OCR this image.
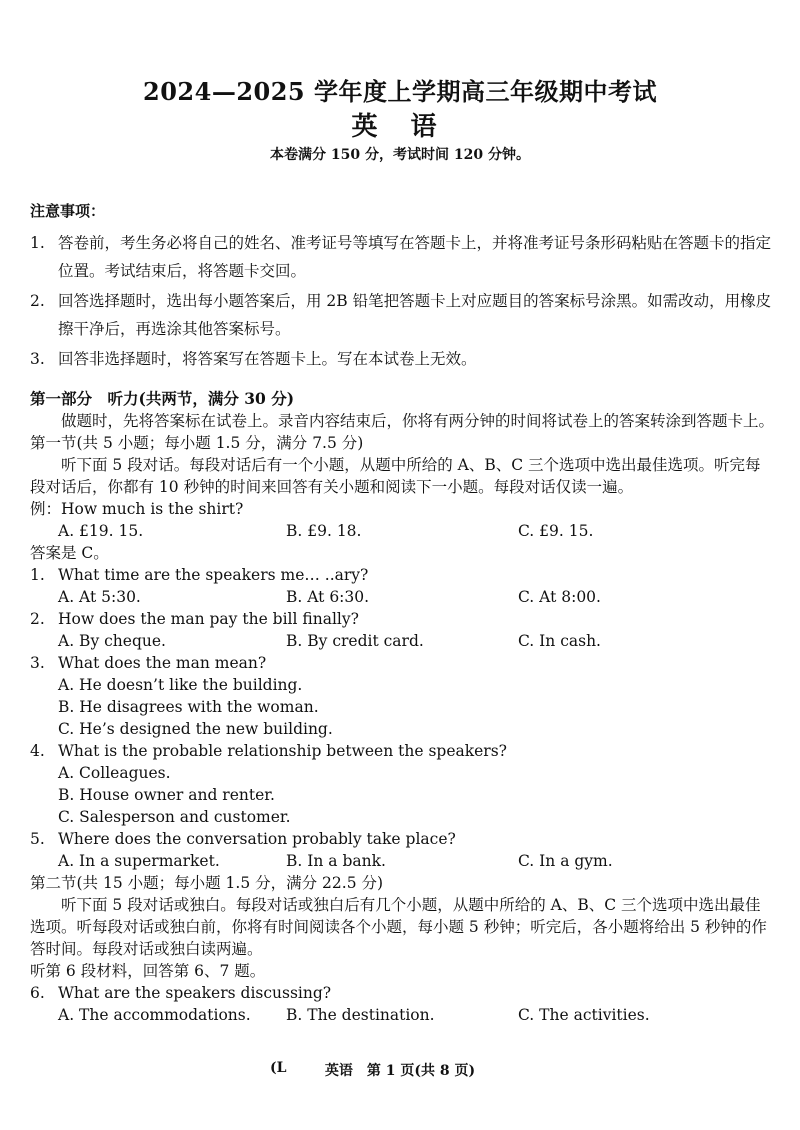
2024—2025 学年度上学期高三年级期中考试
英 语
本卷满分 150 分，考试时间 120 分钟。
注意事项：
1. 答卷前，考生务必将自己的姓名、准考证号等填写在答题卡上，并将准考证号条形码粘贴在答题卡的指定位置。考试结束后，将答题卡交回。
2. 回答选择题时，选出每小题答案后，用 2B 铅笔把答题卡上对应题目的答案标号涂黑。如需改动，用橡皮擦干净后，再选涂其他答案标号。
3. 回答非选择题时，将答案写在答题卡上。写在本试卷上无效。
第一部分　听力(共两节，满分 30 分)
做题时，先将答案标在试卷上。录音内容结束后，你将有两分钟的时间将试卷上的答案转涂到答题卡上。
第一节(共 5 小题；每小题 1.5 分，满分 7.5 分)
听下面 5 段对话。每段对话后有一个小题，从题中所给的 A、B、C 三个选项中选出最佳选项。听完每段对话后，你都有 10 秒钟的时间来回答有关小题和阅读下一小题。每段对话仅读一遍。
例：How much is the shirt?
A. £19. 15.	B. £9. 18.	C. £9. 15.
答案是 C。
1. What time are the speakers me… ..ary?
A. At 5:30.	B. At 6:30.	C. At 8:00.
2. How does the man pay the bill finally?
A. By cheque.	B. By credit card.	C. In cash.
3. What does the man mean?
A. He doesn’t like the building.
B. He disagrees with the woman.
C. He’s designed the new building.
4. What is the probable relationship between the speakers?
A. Colleagues.
B. House owner and renter.
C. Salesperson and customer.
5. Where does the conversation probably take place?
A. In a supermarket.	B. In a bank.	C. In a gym.
第二节(共 15 小题；每小题 1.5 分，满分 22.5 分)
听下面 5 段对话或独白。每段对话或独白后有几个小题，从题中所给的 A、B、C 三个选项中选出最佳选项。听每段对话或独白前，你将有时间阅读各个小题，每小题 5 秒钟；听完后，各小题将给出 5 秒钟的作答时间。每段对话或独白读两遍。
听第 6 段材料，回答第 6、7 题。
6. What are the speakers discussing?
A. The accommodations.	B. The destination.	C. The activities.
(L	英语　第 1 页(共 8 页)
